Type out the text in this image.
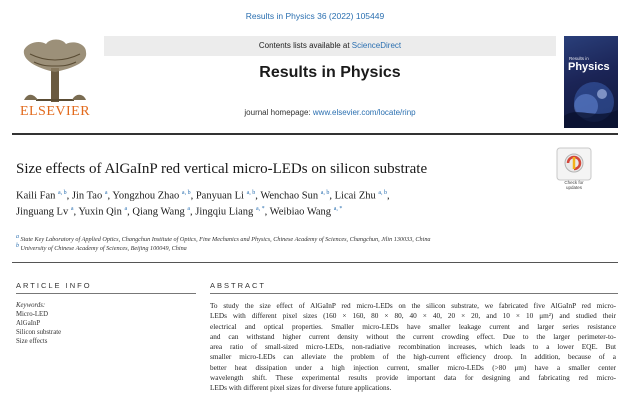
Results in Physics 36 (2022) 105449
ELSEVIER
Contents lists available at ScienceDirect
Results in Physics
journal homepage: www.elsevier.com/locate/rinp
Results in
Physics
Size effects of AlGaInP red vertical micro-LEDs on silicon substrate
Check for
updates
Kaili Fan $^{a, b}$, Jin Tao $^a$, Yongzhou Zhao $^{a, b}$, Panyuan Li $^{a, b}$, Wenchao Sun $^{a, b}$, Licai Zhu $^{a, b}$,
Jinguang Lv $^a$, Yuxin Qin $^a$, Qiang Wang $^a$, Jingqiu Liang $^{a, *}$, Weibiao Wang $^{a, *}$
$^a$ State Key Laboratory of Applied Optics, Changchun Institute of Optics, Fine Mechanics and Physics, Chinese Academy of Sciences, Changchun, Jilin 130033, China
$^b$ University of Chinese Academy of Sciences, Beijing 100049, China
ARTICLE INFO	ABSTRACT
Keywords:
Micro-LED
AlGaInP
Silicon substrate
Size effects
To study the size effect of AlGaInP red micro-LEDs on the silicon substrate, we fabricated five AlGaInP red micro-
LEDs with different pixel sizes (160 × 160, 80 × 80, 40 × 40, 20 × 20, and 10 × 10 μm²) and studied their
electrical and optical properties. Smaller micro-LEDs have smaller leakage current and larger series resistance
and can withstand higher current density without the current crowding effect. Due to the larger perimeter-to-
area ratio of small-sized micro-LEDs, non-radiative recombination increases, which leads to a lower EQE. But
smaller micro-LEDs can alleviate the problem of the high-current efficiency droop. In addition, because of a
better heat dissipation under a high injection current, smaller micro-LEDs (>80 μm) have a smaller center
wavelength shift. These experimental results provide important data for designing and fabricating red micro-
LEDs with different pixel sizes for diverse future applications.
